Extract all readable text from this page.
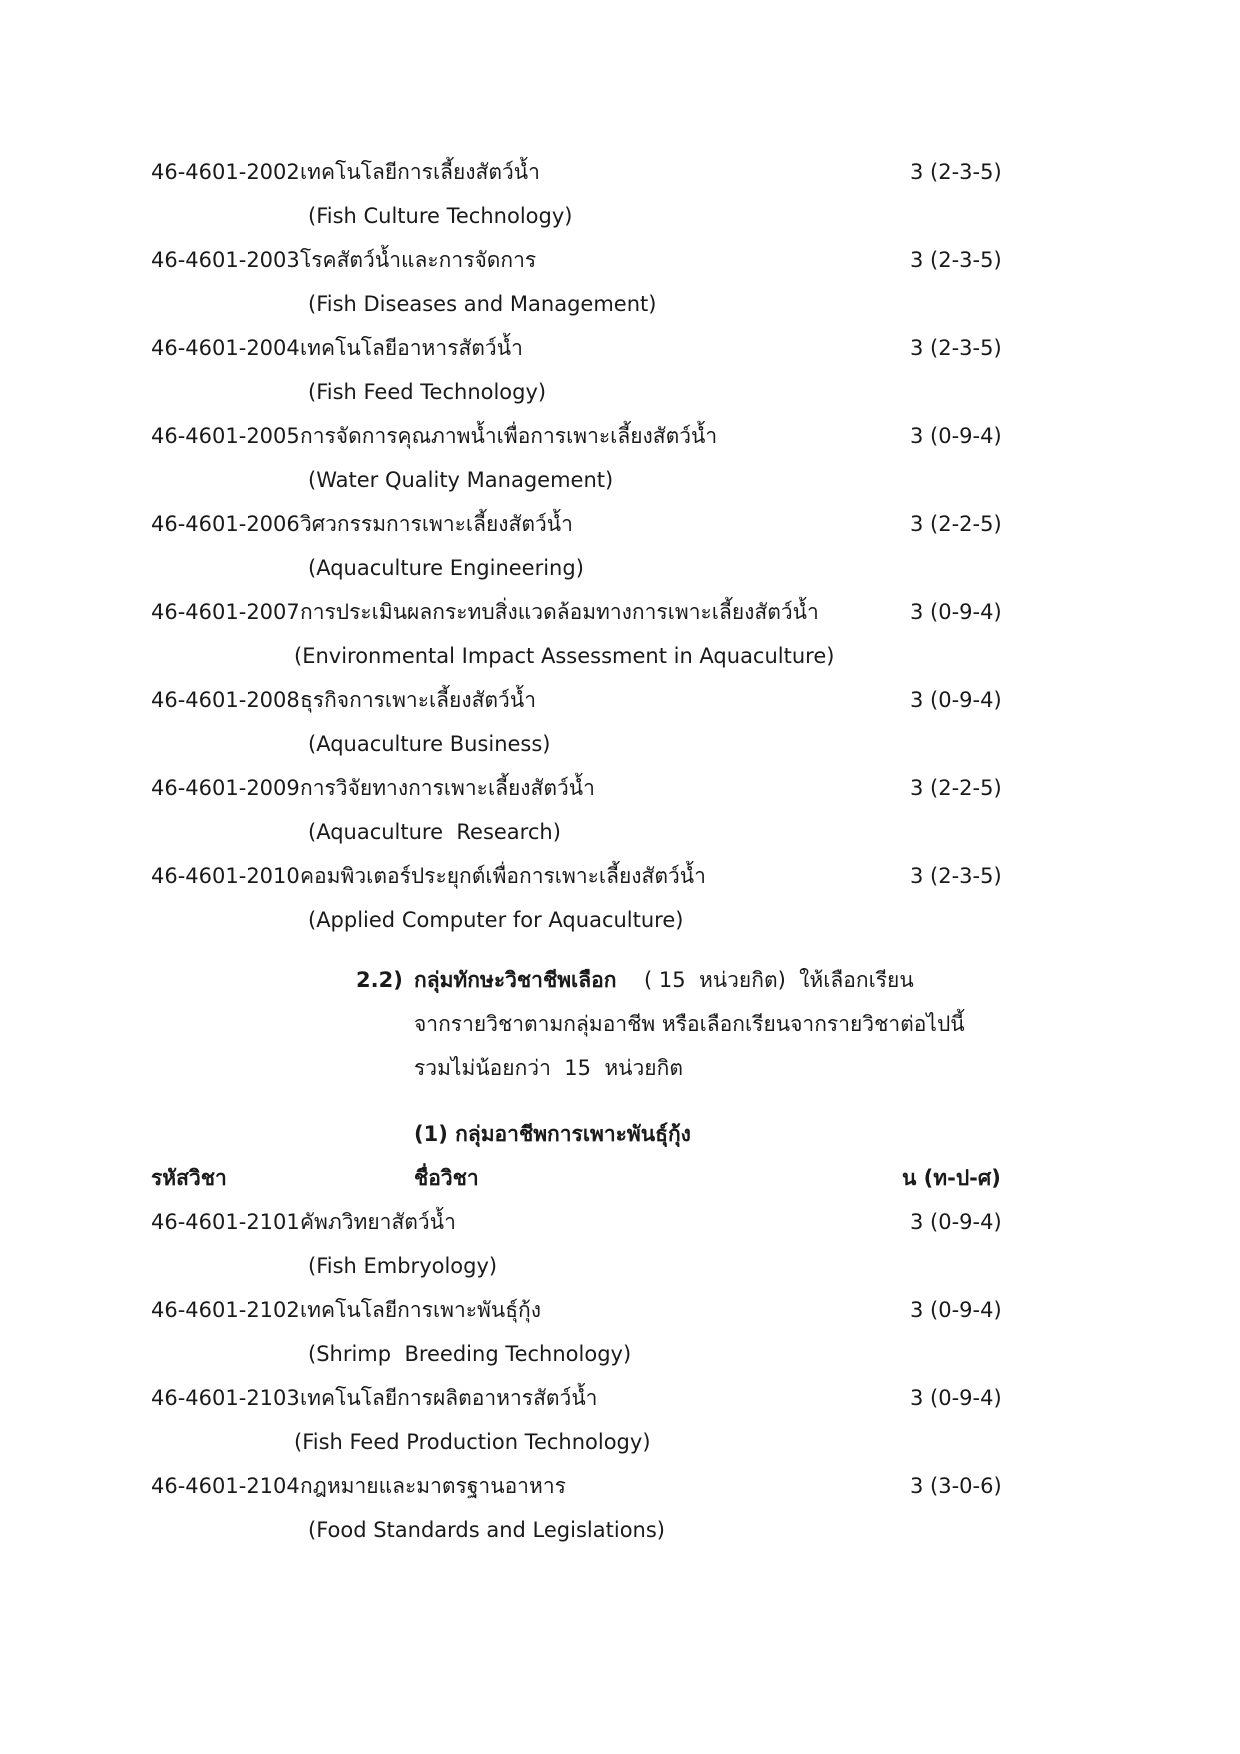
46-4601-2002 เทคโนโลยีการเลี้ยงสัตว์น้ำ	3 (2-3-5)
(Fish Culture Technology)
46-4601-2003 โรคสัตว์น้ำและการจัดการ	3 (2-3-5)
(Fish Diseases and Management)
46-4601-2004 เทคโนโลยีอาหารสัตว์น้ำ	3 (2-3-5)
(Fish Feed Technology)
46-4601-2005 การจัดการคุณภาพน้ำเพื่อการเพาะเลี้ยงสัตว์น้ำ	3 (0-9-4)
(Water Quality Management)
46-4601-2006 วิศวกรรมการเพาะเลี้ยงสัตว์น้ำ	3 (2-2-5)
(Aquaculture Engineering)
46-4601-2007 การประเมินผลกระทบสิ่งแวดล้อมทางการเพาะเลี้ยงสัตว์น้ำ	3 (0-9-4)
(Environmental Impact Assessment in Aquaculture)
46-4601-2008 ธุรกิจการเพาะเลี้ยงสัตว์น้ำ	3 (0-9-4)
(Aquaculture Business)
46-4601-2009 การวิจัยทางการเพาะเลี้ยงสัตว์น้ำ	3 (2-2-5)
(Aquaculture  Research)
46-4601-2010 คอมพิวเตอร์ประยุกต์เพื่อการเพาะเลี้ยงสัตว์น้ำ	3 (2-3-5)
(Applied Computer for Aquaculture)
2.2) กลุ่มทักษะวิชาชีพเลือก ( 15  หน่วยกิต)  ให้เลือกเรียน
จากรายวิชาตามกลุ่มอาชีพ หรือเลือกเรียนจากรายวิชาต่อไปนี้
รวมไม่น้อยกว่า  15  หน่วยกิต
(1) กลุ่มอาชีพการเพาะพันธุ์กุ้ง
รหัสวิชา	ชื่อวิชา	น (ท-ป-ศ)
46-4601-2101 คัพภวิทยาสัตว์น้ำ	3 (0-9-4)
(Fish Embryology)
46-4601-2102 เทคโนโลยีการเพาะพันธุ์กุ้ง	3 (0-9-4)
(Shrimp  Breeding Technology)
46-4601-2103 เทคโนโลยีการผลิตอาหารสัตว์น้ำ	3 (0-9-4)
(Fish Feed Production Technology)
46-4601-2104 กฎหมายและมาตรฐานอาหาร	3 (3-0-6)
(Food Standards and Legislations)
